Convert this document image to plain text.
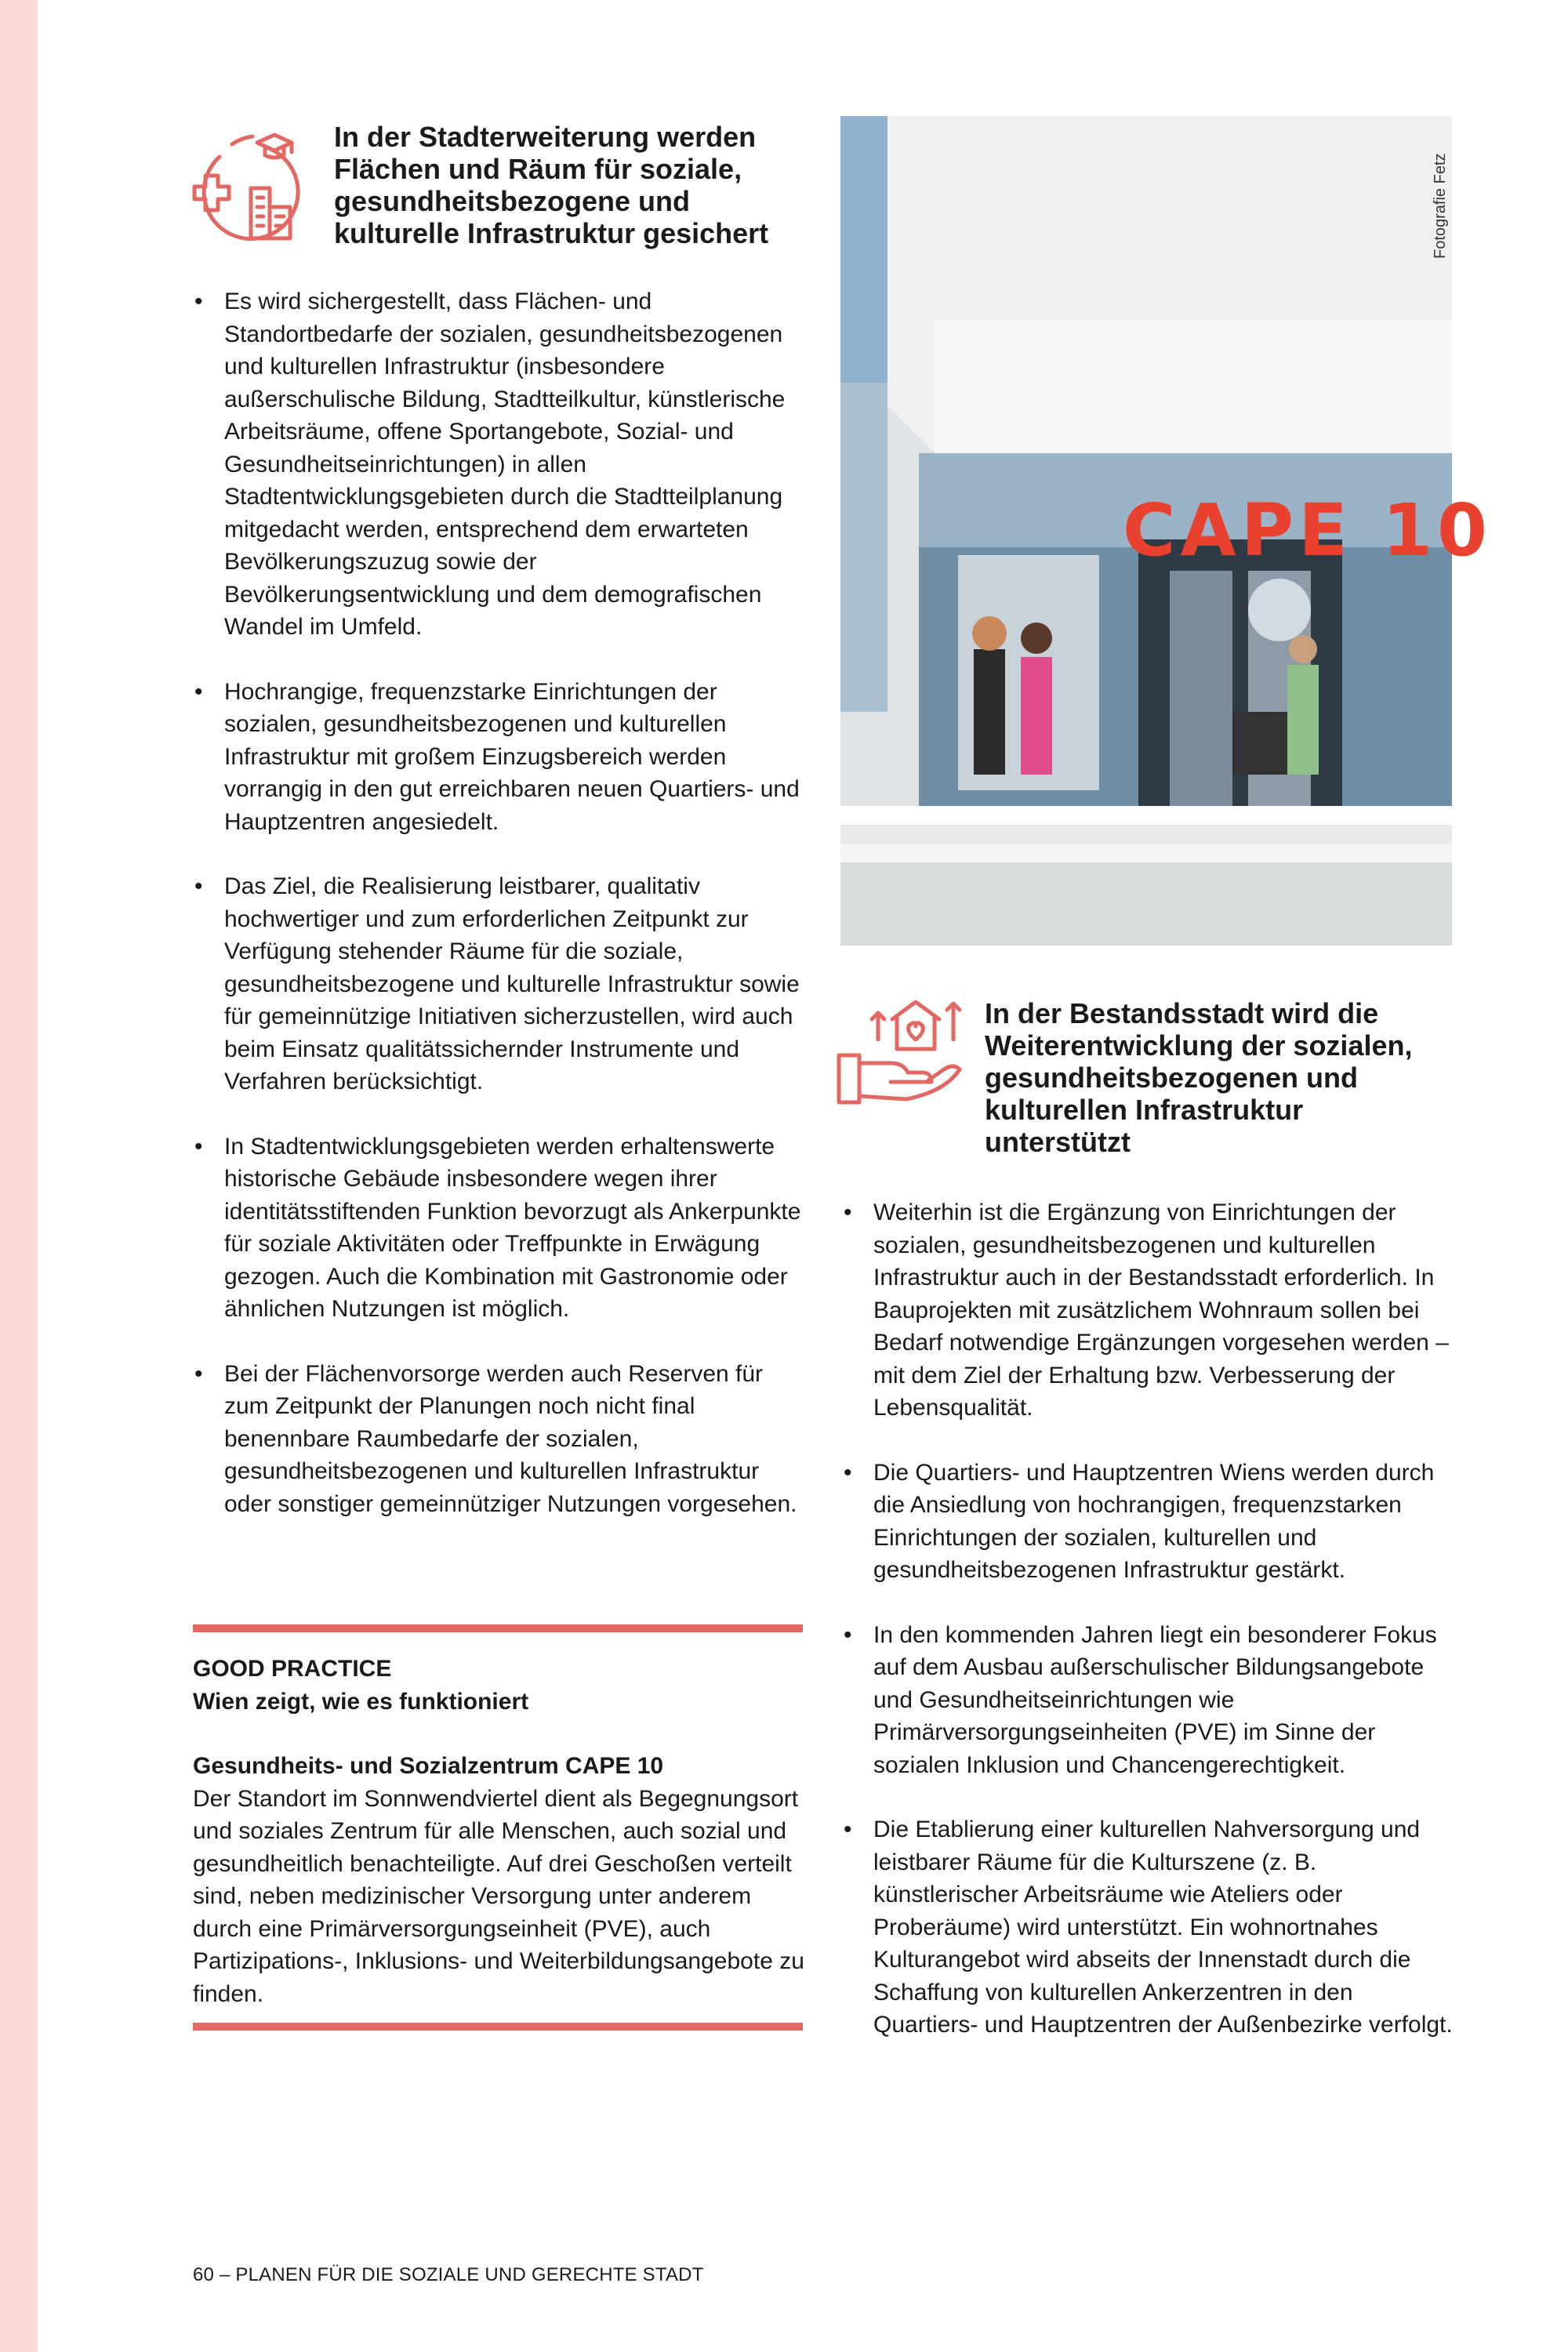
In der Stadterweiterung werden Flächen und Räum für soziale, gesundheitsbezogene und kulturelle Infrastruktur gesichert
• Es wird sichergestellt, dass Flächen- und Standortbedarfe der sozialen, gesundheitsbezogenen und kulturellen Infrastruktur (insbesondere außerschulische Bildung, Stadtteilkultur, künstlerische Arbeitsräume, offene Sportangebote, Sozial- und Gesundheitseinrichtungen) in allen Stadtentwicklungsgebieten durch die Stadtteilplanung mitgedacht werden, entsprechend dem erwarteten Bevölkerungszuzug sowie der Bevölkerungsentwicklung und dem demografischen Wandel im Umfeld.
• Hochrangige, frequenzstarke Einrichtungen der sozialen, gesundheitsbezogenen und kulturellen Infrastruktur mit großem Einzugsbereich werden vorrangig in den gut erreichbaren neuen Quartiers- und Hauptzentren angesiedelt.
• Das Ziel, die Realisierung leistbarer, qualitativ hochwertiger und zum erforderlichen Zeitpunkt zur Verfügung stehender Räume für die soziale, gesundheitsbezogene und kulturelle Infrastruktur sowie für gemeinnützige Initiativen sicherzustellen, wird auch beim Einsatz qualitätssichernder Instrumente und Verfahren berücksichtigt.
• In Stadtentwicklungsgebieten werden erhaltenswerte historische Gebäude insbesondere wegen ihrer identitätsstiftenden Funktion bevorzugt als Ankerpunkte für soziale Aktivitäten oder Treffpunkte in Erwägung gezogen. Auch die Kombination mit Gastronomie oder ähnlichen Nutzungen ist möglich.
• Bei der Flächenvorsorge werden auch Reserven für zum Zeitpunkt der Planungen noch nicht final benennbare Raumbedarfe der sozialen, gesundheitsbezogenen und kulturellen Infrastruktur oder sonstiger gemeinnütziger Nutzungen vorgesehen.
GOOD PRACTICE
Wien zeigt, wie es funktioniert
Gesundheits- und Sozialzentrum CAPE 10
Der Standort im Sonnwendviertel dient als Begegnungsort und soziales Zentrum für alle Menschen, auch sozial und gesundheitlich benachteiligte. Auf drei Geschoßen verteilt sind, neben medizinischer Versorgung unter anderem durch eine Primärversorgungseinheit (PVE), auch Partizipations-, Inklusions- und Weiterbildungsangebote zu finden.
CAPE 10
Fotografie Fetz
In der Bestandsstadt wird die Weiterentwicklung der sozialen, gesundheitsbezogenen und kulturellen Infrastruktur unterstützt
• Weiterhin ist die Ergänzung von Einrichtungen der sozialen, gesundheitsbezogenen und kulturellen Infrastruktur auch in der Bestandsstadt erforderlich. In Bauprojekten mit zusätzlichem Wohnraum sollen bei Bedarf notwendige Ergänzungen vorgesehen werden – mit dem Ziel der Erhaltung bzw. Verbesserung der Lebensqualität.
• Die Quartiers- und Hauptzentren Wiens werden durch die Ansiedlung von hochrangigen, frequenzstarken Einrichtungen der sozialen, kulturellen und gesundheitsbezogenen Infrastruktur gestärkt.
• In den kommenden Jahren liegt ein besonderer Fokus auf dem Ausbau außerschulischer Bildungsangebote und Gesundheitseinrichtungen wie Primärversorgungseinheiten (PVE) im Sinne der sozialen Inklusion und Chancengerechtigkeit.
• Die Etablierung einer kulturellen Nahversorgung und leistbarer Räume für die Kulturszene (z. B. künstlerischer Arbeitsräume wie Ateliers oder Proberäume) wird unterstützt. Ein wohnortnahes Kulturangebot wird abseits der Innenstadt durch die Schaffung von kulturellen Ankerzentren in den Quartiers- und Hauptzentren der Außenbezirke verfolgt.
60 – PLANEN FÜR DIE SOZIALE UND GERECHTE STADT
